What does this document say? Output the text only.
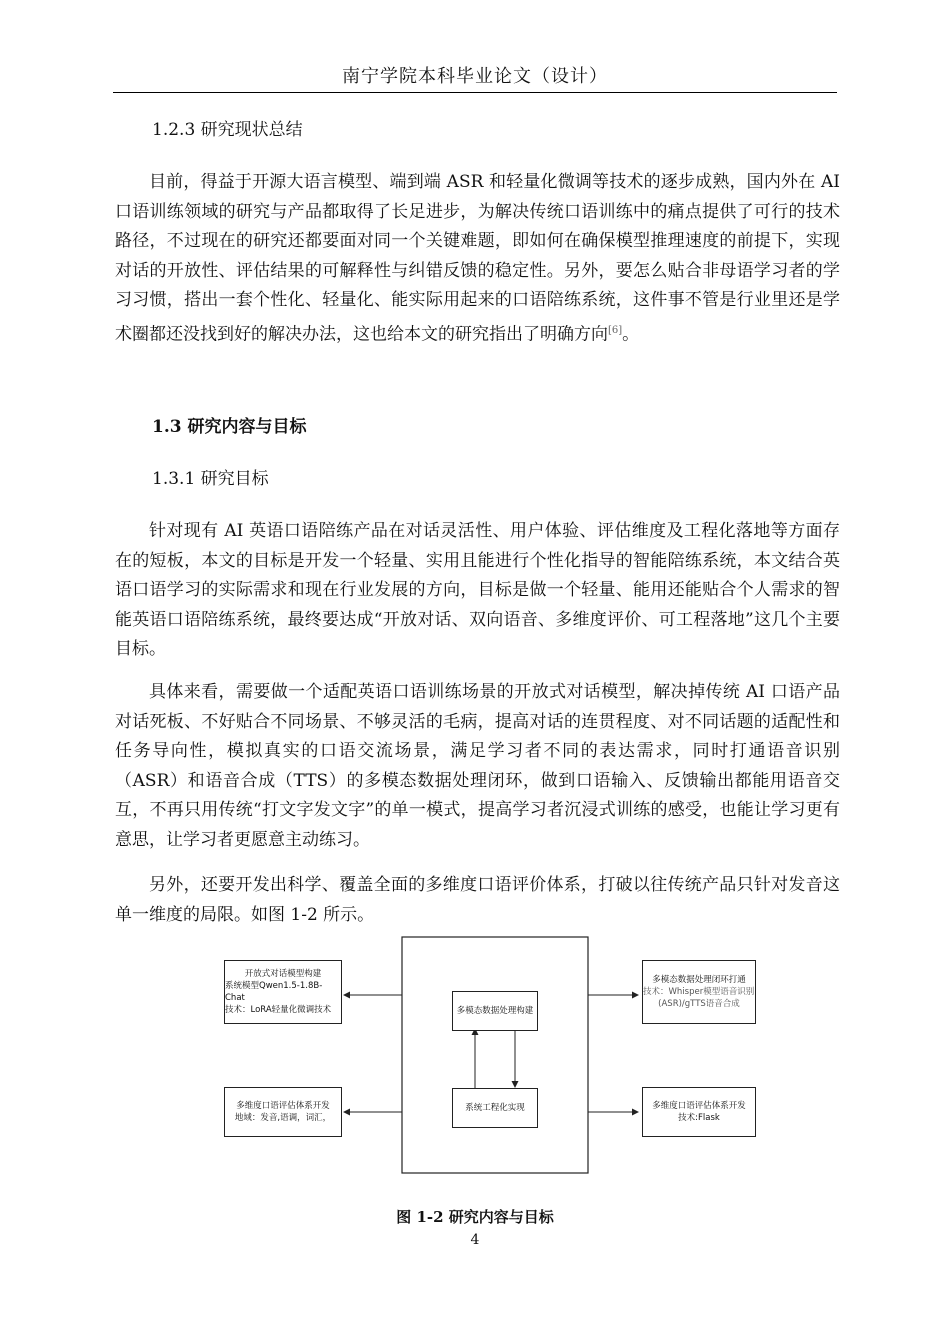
南宁学院本科毕业论文（设计）
1.2.3 研究现状总结

目前，得益于开源大语言模型、端到端 ASR 和轻量化微调等技术的逐步成熟，国内外在 AI 口语训练领域的研究与产品都取得了长足进步，为解决传统口语训练中的痛点提供了可行的技术路径，不过现在的研究还都要面对同一个关键难题，即如何在确保模型推理速度的前提下，实现对话的开放性、评估结果的可解释性与纠错反馈的稳定性。另外，要怎么贴合非母语学习者的学习习惯，搭出一套个性化、轻量化、能实际用起来的口语陪练系统，这件事不管是行业里还是学术圈都还没找到好的解决办法，这也给本文的研究指出了明确方向[6]。

1.3 研究内容与目标
1.3.1 研究目标

针对现有 AI 英语口语陪练产品在对话灵活性、用户体验、评估维度及工程化落地等方面存在的短板，本文的目标是开发一个轻量、实用且能进行个性化指导的智能陪练系统，本文结合英语口语学习的实际需求和现在行业发展的方向，目标是做一个轻量、能用还能贴合个人需求的智能英语口语陪练系统，最终要达成“开放对话、双向语音、多维度评价、可工程落地”这几个主要目标。

具体来看，需要做一个适配英语口语训练场景的开放式对话模型，解决掉传统 AI 口语产品对话死板、不好贴合不同场景、不够灵活的毛病，提高对话的连贯程度、对不同话题的适配性和任务导向性，模拟真实的口语交流场景，满足学习者不同的表达需求，同时打通语音识别（ASR）和语音合成（TTS）的多模态数据处理闭环，做到口语输入、反馈输出都能用语音交互，不再只用传统“打文字发文字”的单一模式，提高学习者沉浸式训练的感受，也能让学习更有意思，让学习者更愿意主动练习。

另外，还要开发出科学、覆盖全面的多维度口语评价体系，打破以往传统产品只针对发音这单一维度的局限。如图 1-2 所示。

开放式对话模型构建
系统模型Qwen1.5-1.8B-Chat
技术：LoRA轻量化微调技术	多模态数据处理构建
多模态数据处理闭环打通
技术：Whisper模型语音识别
(ASR)/gTTS语音合成
多维度口语评估体系开发
地域：发音,语调，词汇，
系统工程化实现	多维度口语评估体系开发
技术:Flask
图 1-2 研究内容与目标
4
